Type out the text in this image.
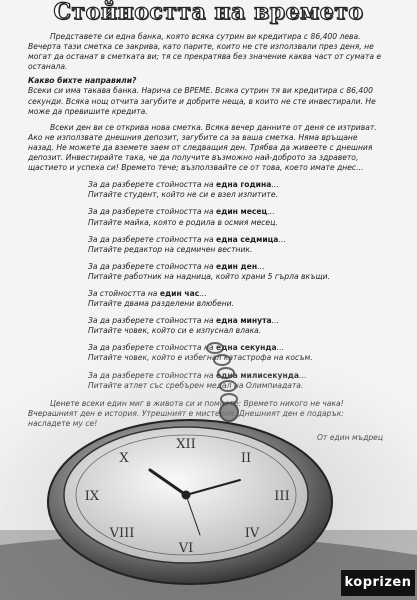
Стойността на времето

Представете си една банка, която всяка сутрин ви кредитира с 86,400 лева. Вечерта тази сметка се закрива, като парите, които не сте използвали през деня, не могат да останат в сметката ви; тя се прекратява без значение каква част от сумата е останала.

Какво бихте направили?

Всеки си има такава банка. Нарича се ВРЕМЕ. Всяка сутрин тя ви кредитира с 86,400 секунди. Всяка нощ отчита загубите и добрите неща, в които не сте инвестирали. Не може да превишите кредита.

Всеки ден ви се открива нова сметка. Всяка вечер данните от деня се изтриват. Ако не използвате днешния депозит, загубите са за ваша сметка. Няма връщане назад. Не можете да вземете заем от следващия ден. Трябва да живеете с днешния депозит. Инвестирайте така, че да получите възможно най-доброто за здравето, щастието и успеха си! Времето тече; възползвайте се от това, което имате днес…

За да разберете стойността на една година…

Питайте студент, който не си е взел изпитите.

За да разберете стойността на един месец…

Питайте майка, която е родила в осмия месец.

За да разберете стойността на една седмица…

Питайте редактор на седмичен вестник.

За да разберете стойността на един ден…

Питайте работник на надница, който храни 5 гърла вкъщи.

За стойността на един час…

Питайте двама разделени влюбени.

За да разберете стойността на една минута…

XII
II
III
IV
VI
VIII
IX
X
koprizen
